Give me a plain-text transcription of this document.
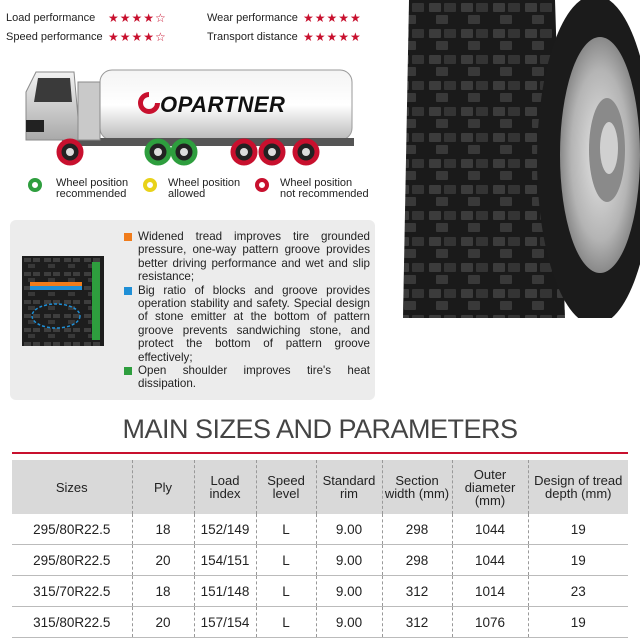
Load performance ★★★★☆	Wear performance ★★★★★
Speed performance ★★★★☆	Transport distance ★★★★★
OPARTNER
Wheel position
recommended
Wheel position
allowed
Wheel position
not recommended
Widened tread improves tire grounded pressure, one-way pattern groove provides better driving performance and wet and slip resistance;
Big ratio of blocks and groove provides operation stability and safety. Special design of stone emitter at the bottom of pattern groove prevents sandwiching stone, and protect the bottom of pattern groove effectively;
Open shoulder improves tire's heat dissipation.
MAIN SIZES AND PARAMETERS
Sizes	Ply	Load index	Speed level	Standard rim	Section width (mm)	Outer diameter (mm)	Design of tread depth (mm)
295/80R22.5	18	152/149	L	9.00	298	1044	19
295/80R22.5	20	154/151	L	9.00	298	1044	19
315/70R22.5	18	151/148	L	9.00	312	1014	23
315/80R22.5	20	157/154	L	9.00	312	1076	19
